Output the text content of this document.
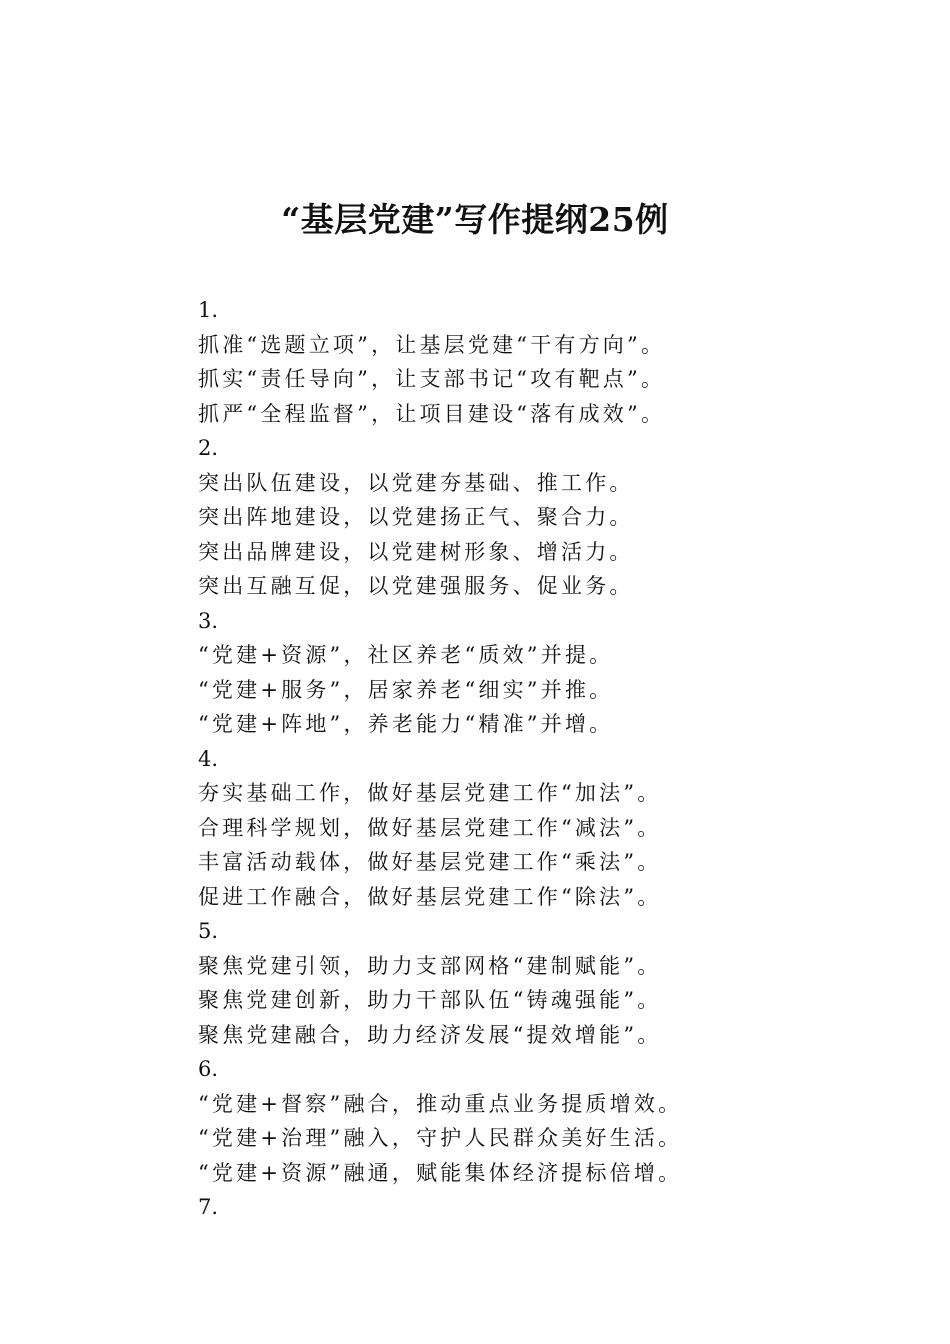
“基层党建”写作提纲25例
1.
抓准“选题立项”，让基层党建“干有方向”。
抓实“责任导向”，让支部书记“攻有靶点”。
抓严“全程监督”，让项目建设“落有成效”。
2.
突出队伍建设，以党建夯基础、推工作。
突出阵地建设，以党建扬正气、聚合力。
突出品牌建设，以党建树形象、增活力。
突出互融互促，以党建强服务、促业务。
3.
“党建+资源”，社区养老“质效”并提。
“党建+服务”，居家养老“细实”并推。
“党建+阵地”，养老能力“精准”并增。
4.
夯实基础工作，做好基层党建工作“加法”。
合理科学规划，做好基层党建工作“减法”。
丰富活动载体，做好基层党建工作“乘法”。
促进工作融合，做好基层党建工作“除法”。
5.
聚焦党建引领，助力支部网格“建制赋能”。
聚焦党建创新，助力干部队伍“铸魂强能”。
聚焦党建融合，助力经济发展“提效增能”。
6.
“党建+督察”融合，推动重点业务提质增效。
“党建+治理”融入，守护人民群众美好生活。
“党建+资源”融通，赋能集体经济提标倍增。
7.
